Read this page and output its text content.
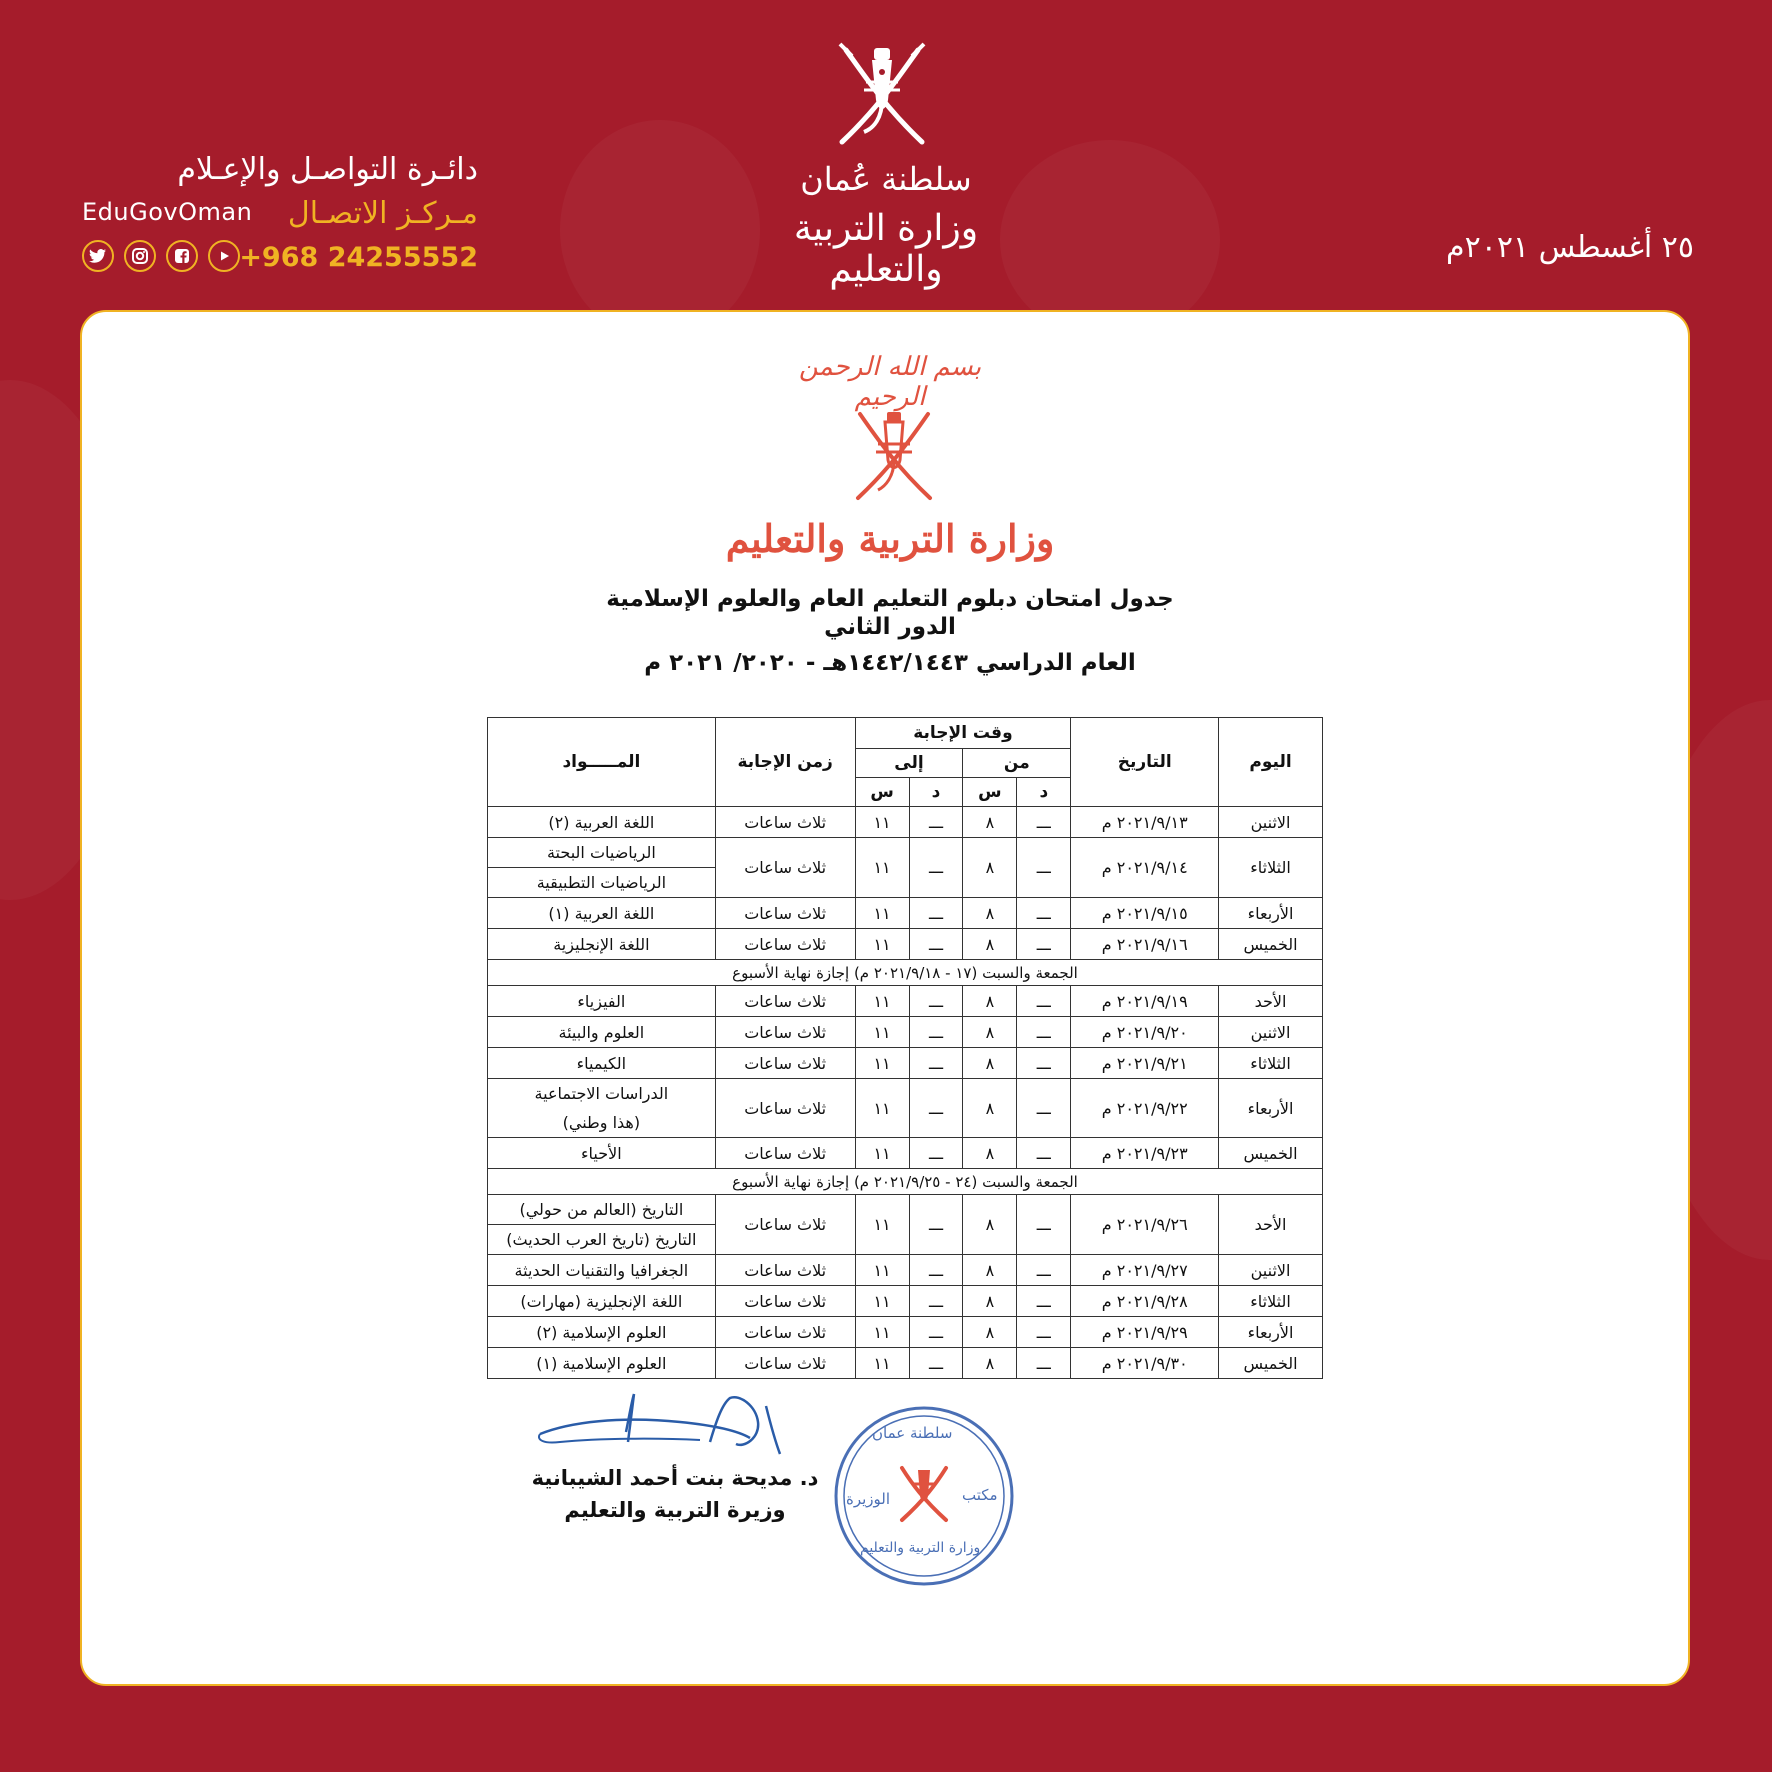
دائـرة التواصـل والإعـلام
EduGovOman مـركـز الاتصـال
+968 24255552
سلطنة عُمان
وزارة التربية والتعليم
٢٥ أغسطس ٢٠٢١م
بسم الله الرحمن الرحيم
وزارة التربية والتعليم
جدول امتحان دبلوم التعليم العام والعلوم الإسلامية
الدور الثاني
العام الدراسي ١٤٤٢/١٤٤٣هـ - ٢٠٢٠/ ٢٠٢١ م
اليوم	التاريخ	وقت الإجابة				زمن الإجابة	المـــــواد
		من		إلى			
		د	س	د	س		
الاثنين	٢٠٢١/٩/١٣ م	ـــ	٨	ـــ	١١	ثلاث ساعات	اللغة العربية (٢)

الثلاثاء	٢٠٢١/٩/١٤ م	ـــ	٨	ـــ	١١	ثلاث ساعات	الرياضيات البحتة
الرياضيات التطبيقية

الأربعاء	٢٠٢١/٩/١٥ م	ـــ	٨	ـــ	١١	ثلاث ساعات	اللغة العربية (١)

الخميس	٢٠٢١/٩/١٦ م	ـــ	٨	ـــ	١١	ثلاث ساعات	اللغة الإنجليزية

الجمعة والسبت (١٧ - ٢٠٢١/٩/١٨ م) إجازة نهاية الأسبوع							
الأحد	٢٠٢١/٩/١٩ م	ـــ	٨	ـــ	١١	ثلاث ساعات	الفيزياء

الاثنين	٢٠٢١/٩/٢٠ م	ـــ	٨	ـــ	١١	ثلاث ساعات	العلوم والبيئة

الثلاثاء	٢٠٢١/٩/٢١ م	ـــ	٨	ـــ	١١	ثلاث ساعات	الكيمياء

الأربعاء	٢٠٢١/٩/٢٢ م	ـــ	٨	ـــ	١١	ثلاث ساعات	الدراسات الاجتماعية
(هذا وطني)

الخميس	٢٠٢١/٩/٢٣ م	ـــ	٨	ـــ	١١	ثلاث ساعات	الأحياء

الجمعة والسبت (٢٤ - ٢٠٢١/٩/٢٥ م) إجازة نهاية الأسبوع							
الأحد	٢٠٢١/٩/٢٦ م	ـــ	٨	ـــ	١١	ثلاث ساعات	التاريخ (العالم من حولي)
التاريخ (تاريخ العرب الحديث)

الاثنين	٢٠٢١/٩/٢٧ م	ـــ	٨	ـــ	١١	ثلاث ساعات	الجغرافيا والتقنيات الحديثة

الثلاثاء	٢٠٢١/٩/٢٨ م	ـــ	٨	ـــ	١١	ثلاث ساعات	اللغة الإنجليزية (مهارات)

الأربعاء	٢٠٢١/٩/٢٩ م	ـــ	٨	ـــ	١١	ثلاث ساعات	العلوم الإسلامية (٢)

الخميس	٢٠٢١/٩/٣٠ م	ـــ	٨	ـــ	١١	ثلاث ساعات	العلوم الإسلامية (١)
د. مديحة بنت أحمد الشيبانية
وزيرة التربية والتعليم
سلطنة عمان
الوزيرة	مكتب
وزارة التربية والتعليم
